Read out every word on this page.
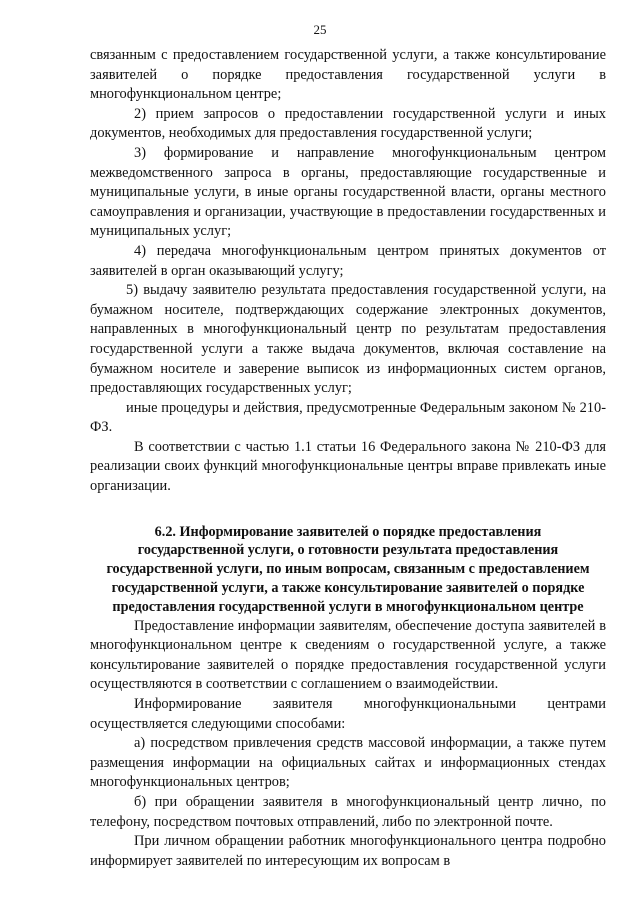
25

связанным с предоставлением государственной услуги, а также консультирование заявителей о порядке предоставления государственной услуги в многофункциональном центре;

2) прием запросов о предоставлении государственной услуги и иных документов, необходимых для предоставления государственной услуги;

3) формирование и направление многофункциональным центром межведомственного запроса в органы, предоставляющие государственные и муниципальные услуги, в иные органы государственной власти, органы местного самоуправления и организации, участвующие в предоставлении государственных и муниципальных услуг;

4) передача многофункциональным центром принятых документов от заявителей в орган оказывающий услугу;

5) выдачу заявителю результата предоставления государственной услуги, на бумажном носителе, подтверждающих содержание электронных документов, направленных в многофункциональный центр по результатам предоставления государственной услуги а также выдача документов, включая составление на бумажном носителе и заверение выписок из информационных систем органов, предоставляющих государственных услуг;

иные процедуры и действия, предусмотренные Федеральным законом № 210-ФЗ.

В соответствии с частью 1.1 статьи 16 Федерального закона № 210-ФЗ для реализации своих функций многофункциональные центры вправе привлекать иные организации.

6.2. Информирование заявителей о порядке предоставления государственной услуги, о готовности результата предоставления государственной услуги, по иным вопросам, связанным с предоставлением государственной услуги, а также консультирование заявителей о порядке предоставления государственной услуги в многофункциональном центре

Предоставление информации заявителям, обеспечение доступа заявителей в многофункциональном центре к сведениям о государственной услуге, а также консультирование заявителей о порядке предоставления государственной услуги осуществляются в соответствии с соглашением о взаимодействии.

Информирование заявителя многофункциональными центрами осуществляется следующими способами:

а) посредством привлечения средств массовой информации, а также путем размещения информации на официальных сайтах и информационных стендах многофункциональных центров;

б) при обращении заявителя в многофункциональный центр лично, по телефону, посредством почтовых отправлений, либо по электронной почте.

При личном обращении работник многофункционального центра подробно информирует заявителей по интересующим их вопросам в
